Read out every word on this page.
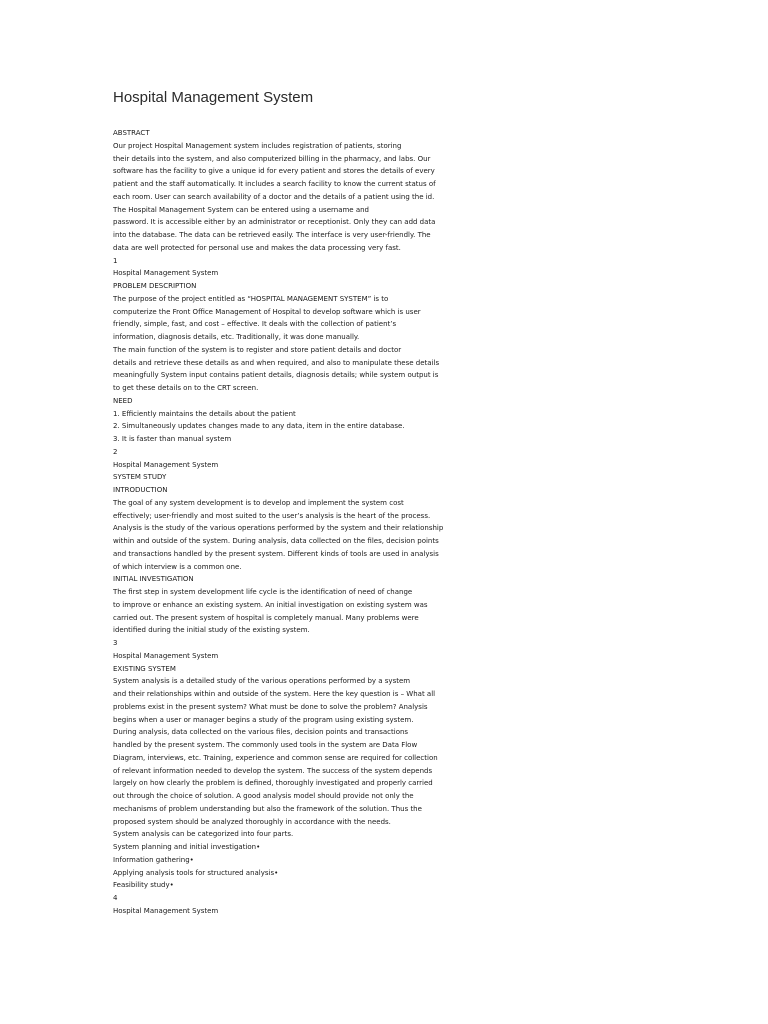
Hospital Management System
ABSTRACT
Our project Hospital Management system includes registration of patients, storing
their details into the system, and also computerized billing in the pharmacy, and labs. Our
software has the facility to give a unique id for every patient and stores the details of every
patient and the staff automatically. It includes a search facility to know the current status of
each room. User can search availability of a doctor and the details of a patient using the id.
The Hospital Management System can be entered using a username and
password. It is accessible either by an administrator or receptionist. Only they can add data
into the database. The data can be retrieved easily. The interface is very user-friendly. The
data are well protected for personal use and makes the data processing very fast.
1
Hospital Management System
PROBLEM DESCRIPTION
The purpose of the project entitled as “HOSPITAL MANAGEMENT SYSTEM” is to
computerize the Front Office Management of Hospital to develop software which is user
friendly, simple, fast, and cost – effective. It deals with the collection of patient’s
information, diagnosis details, etc. Traditionally, it was done manually.
The main function of the system is to register and store patient details and doctor
details and retrieve these details as and when required, and also to manipulate these details
meaningfully System input contains patient details, diagnosis details; while system output is
to get these details on to the CRT screen.
NEED
1. Efficiently maintains the details about the patient
2. Simultaneously updates changes made to any data, item in the entire database.
3. It is faster than manual system
2
Hospital Management System
SYSTEM STUDY
INTRODUCTION
The goal of any system development is to develop and implement the system cost
effectively; user-friendly and most suited to the user’s analysis is the heart of the process.
Analysis is the study of the various operations performed by the system and their relationship
within and outside of the system. During analysis, data collected on the files, decision points
and transactions handled by the present system. Different kinds of tools are used in analysis
of which interview is a common one.
INITIAL INVESTIGATION
The first step in system development life cycle is the identification of need of change
to improve or enhance an existing system. An initial investigation on existing system was
carried out. The present system of hospital is completely manual. Many problems were
identified during the initial study of the existing system.
3
Hospital Management System
EXISTING SYSTEM
System analysis is a detailed study of the various operations performed by a system
and their relationships within and outside of the system. Here the key question is – What all
problems exist in the present system? What must be done to solve the problem? Analysis
begins when a user or manager begins a study of the program using existing system.
During analysis, data collected on the various files, decision points and transactions
handled by the present system. The commonly used tools in the system are Data Flow
Diagram, interviews, etc. Training, experience and common sense are required for collection
of relevant information needed to develop the system. The success of the system depends
largely on how clearly the problem is defined, thoroughly investigated and properly carried
out through the choice of solution. A good analysis model should provide not only the
mechanisms of problem understanding but also the framework of the solution. Thus the
proposed system should be analyzed thoroughly in accordance with the needs.
System analysis can be categorized into four parts.
System planning and initial investigation•
Information gathering•
Applying analysis tools for structured analysis•
Feasibility study•
4
Hospital Management System
